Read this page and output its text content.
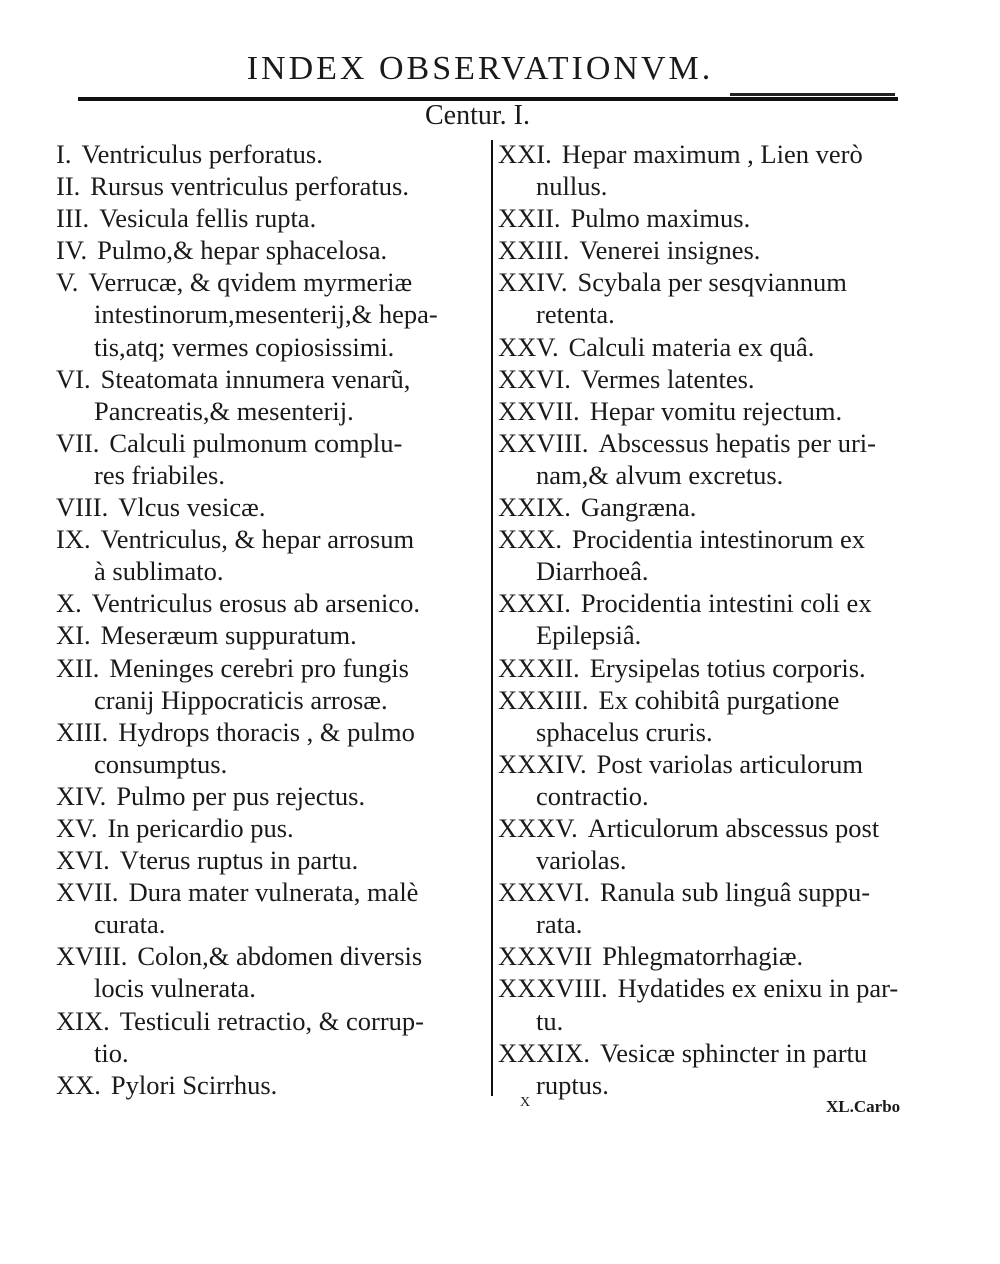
INDEX OBSERVATIONVM.
Centur. I.
I. Ventriculus perforatus.
II. Rursus ventriculus perforatus.
III. Vesicula fellis rupta.
IV. Pulmo,& hepar sphacelosa.
V. Verrucæ, & qvidem myrmeriæ
intestinorum,mesenterij,& hepa-
tis,atq; vermes copiosissimi.
VI. Steatomata innumera venarũ,
Pancreatis,& mesenterij.
VII. Calculi pulmonum complu-
res friabiles.
VIII. Vlcus vesicæ.
IX. Ventriculus, & hepar arrosum
à sublimato.
X. Ventriculus erosus ab arsenico.
XI. Meseræum suppuratum.
XII. Meninges cerebri pro fungis
cranij Hippocraticis arrosæ.
XIII. Hydrops thoracis , & pulmo
consumptus.
XIV. Pulmo per pus rejectus.
XV. In pericardio pus.
XVI. Vterus ruptus in partu.
XVII. Dura mater vulnerata, malè
curata.
XVIII. Colon,& abdomen diversis
locis vulnerata.
XIX. Testiculi retractio, & corrup-
tio.
XX. Pylori Scirrhus.
XXI. Hepar maximum , Lien verò
nullus.
XXII. Pulmo maximus.
XXIII. Venerei insignes.
XXIV. Scybala per sesqviannum
retenta.
XXV. Calculi materia ex quâ.
XXVI. Vermes latentes.
XXVII. Hepar vomitu rejectum.
XXVIII. Abscessus hepatis per uri-
nam,& alvum excretus.
XXIX. Gangræna.
XXX. Procidentia intestinorum ex
Diarrhoeâ.
XXXI. Procidentia intestini coli ex
Epilepsiâ.
XXXII. Erysipelas totius corporis.
XXXIII. Ex cohibitâ purgatione
sphacelus cruris.
XXXIV. Post variolas articulorum
contractio.
XXXV. Articulorum abscessus post
variolas.
XXXVI. Ranula sub linguâ suppu-
rata.
XXXVII Phlegmatorrhagiæ.
XXXVIII. Hydatides ex enixu in par-
tu.
XXXIX. Vesicæ sphincter in partu
ruptus.
X	XL.Carbo
